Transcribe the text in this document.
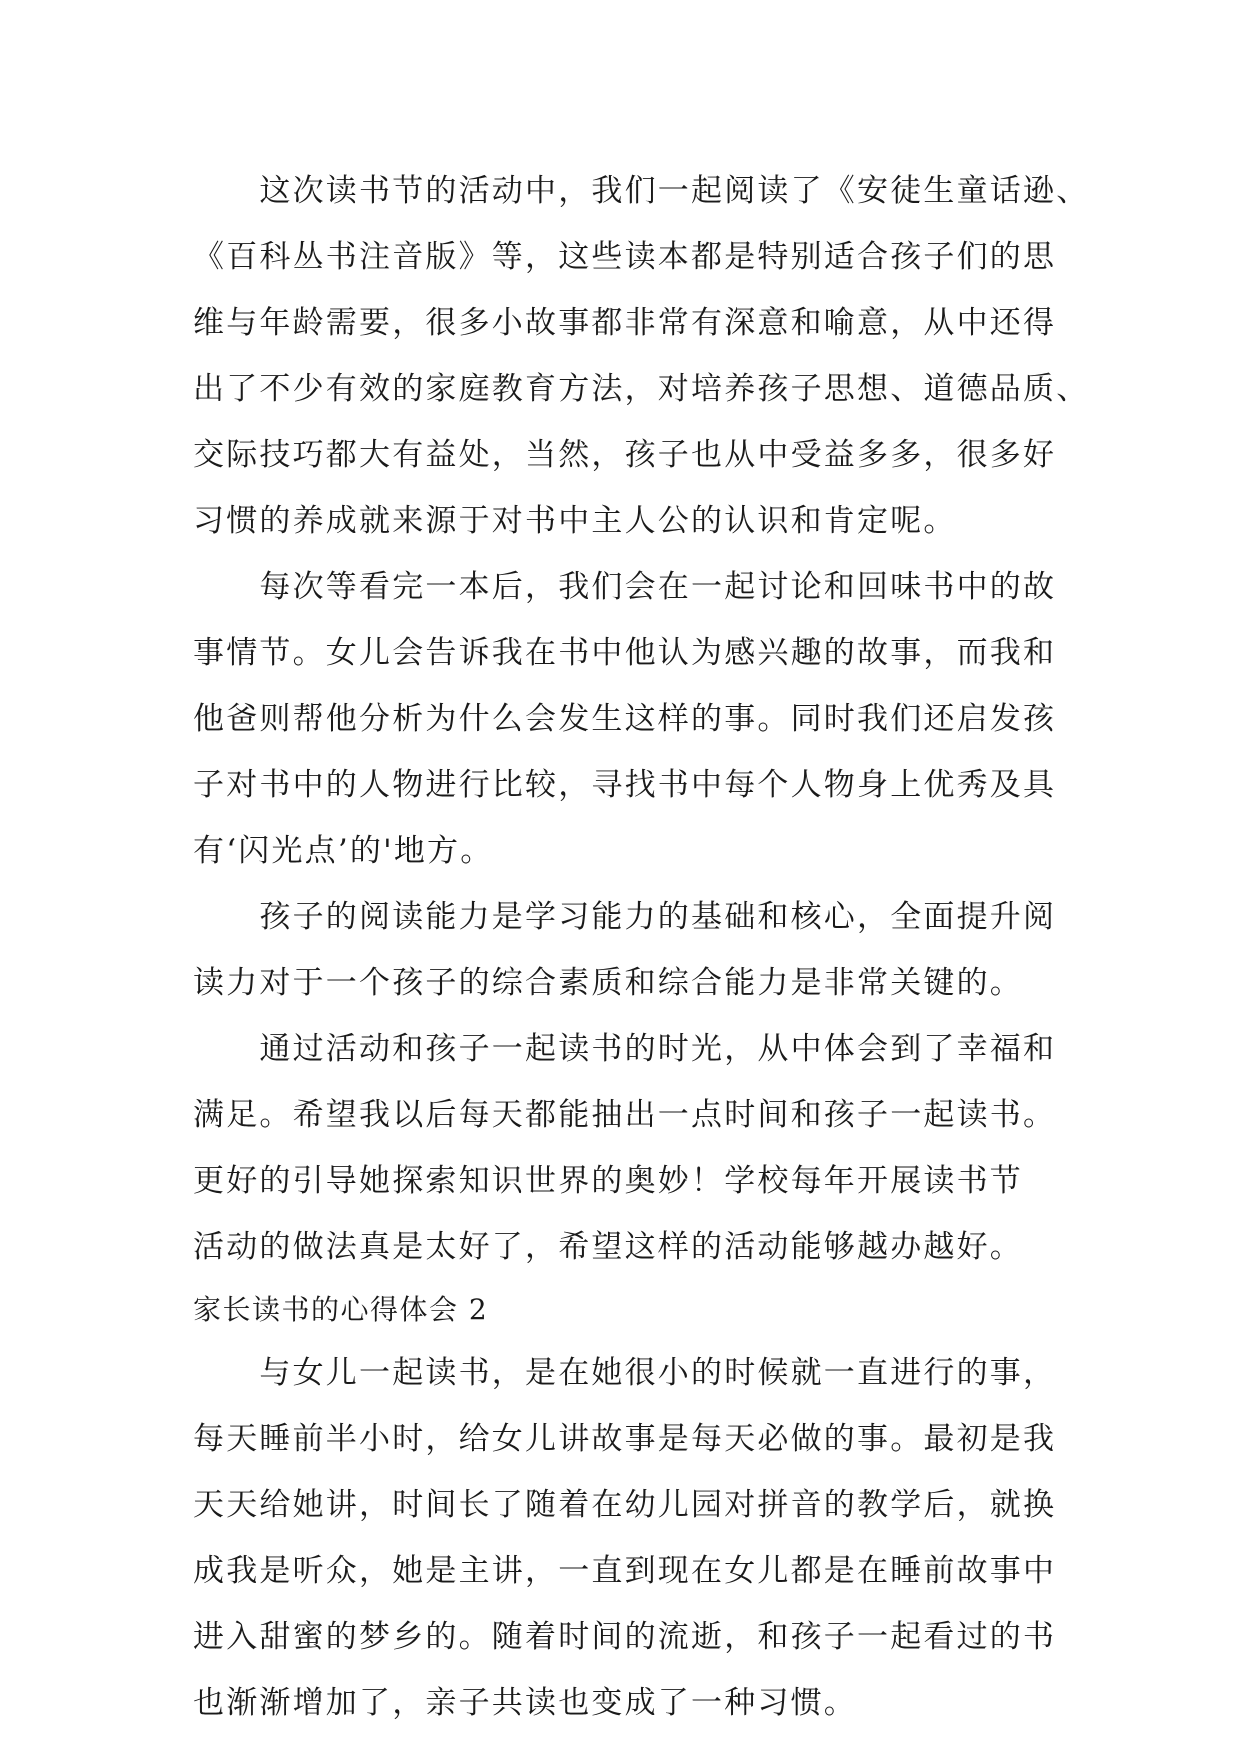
　　这次读书节的活动中，我们一起阅读了《安徒生童话逊、
《百科丛书注音版》等，这些读本都是特别适合孩子们的思
维与年龄需要，很多小故事都非常有深意和喻意，从中还得
出了不少有效的家庭教育方法，对培养孩子思想、道德品质、
交际技巧都大有益处，当然，孩子也从中受益多多，很多好
习惯的养成就来源于对书中主人公的认识和肯定呢。
　　每次等看完一本后，我们会在一起讨论和回味书中的故
事情节。女儿会告诉我在书中他认为感兴趣的故事，而我和
他爸则帮他分析为什么会发生这样的事。同时我们还启发孩
子对书中的人物进行比较，寻找书中每个人物身上优秀及具
有‘闪光点’的'地方。
　　孩子的阅读能力是学习能力的基础和核心，全面提升阅
读力对于一个孩子的综合素质和综合能力是非常关键的。
　　通过活动和孩子一起读书的时光，从中体会到了幸福和
满足。希望我以后每天都能抽出一点时间和孩子一起读书。
更好的引导她探索知识世界的奥妙！学校每年开展读书节
活动的做法真是太好了，希望这样的活动能够越办越好。
家长读书的心得体会 2
　　与女儿一起读书，是在她很小的时候就一直进行的事，
每天睡前半小时，给女儿讲故事是每天必做的事。最初是我
天天给她讲，时间长了随着在幼儿园对拼音的教学后，就换
成我是听众，她是主讲，一直到现在女儿都是在睡前故事中
进入甜蜜的梦乡的。随着时间的流逝，和孩子一起看过的书
也渐渐增加了，亲子共读也变成了一种习惯。
